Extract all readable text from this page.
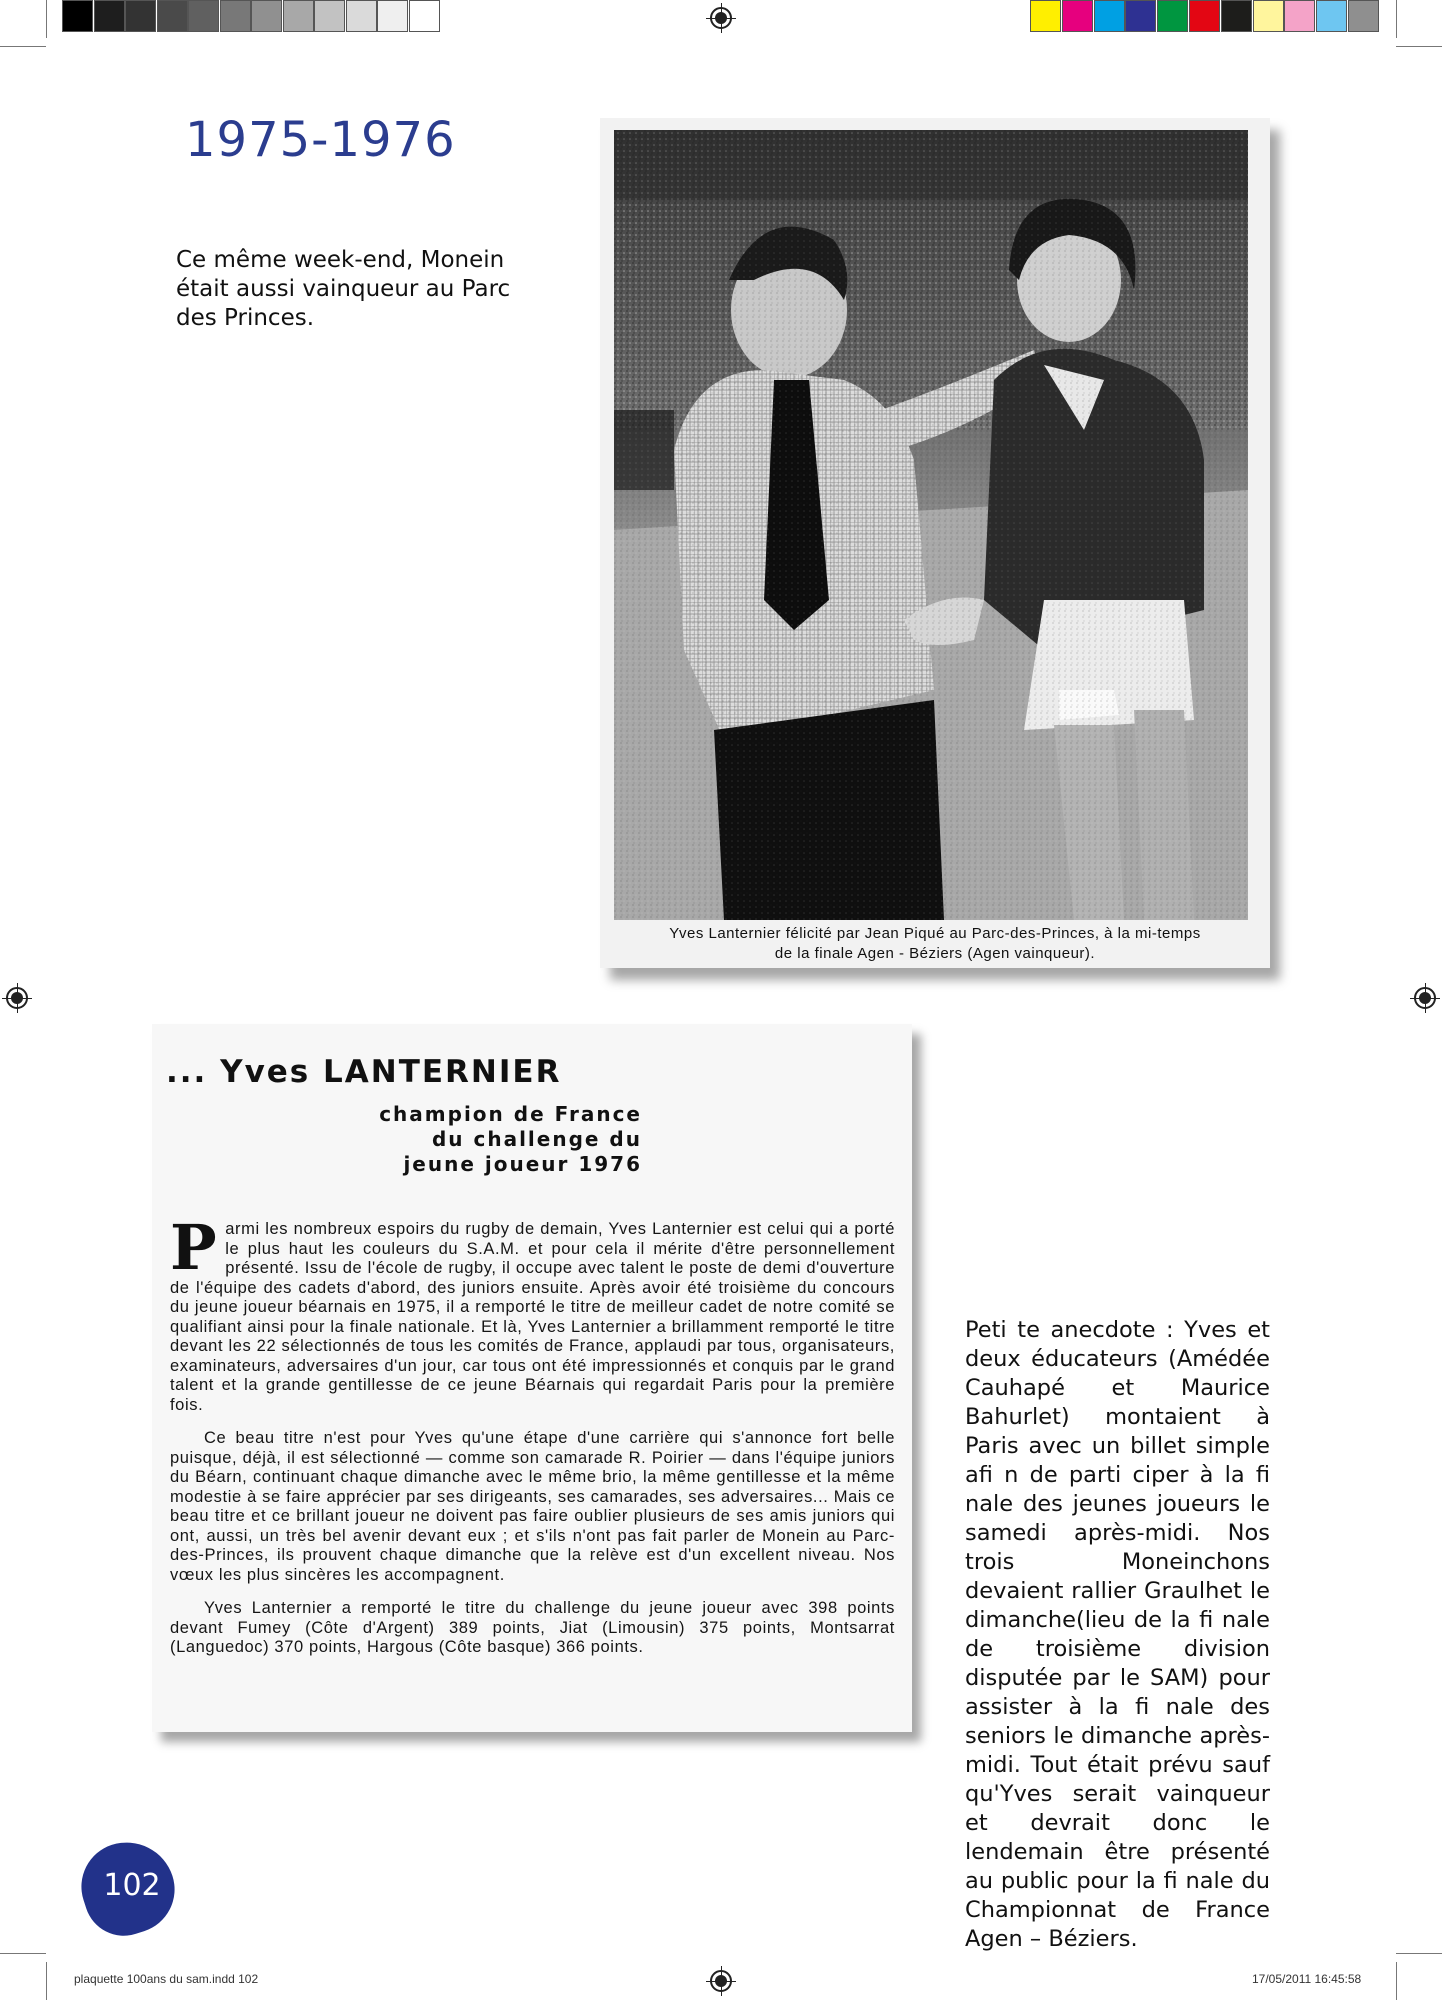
1975-1976
Ce même week-end, Monein était aussi vainqueur au Parc des Princes.
Yves Lanternier félicité par Jean Piqué au Parc-des-Princes, à la mi-temps
de la finale Agen - Béziers (Agen vainqueur).
... Yves LANTERNIER
champion de France
du challenge du
jeune joueur 1976

Parmi les nombreux espoirs du rugby de demain, Yves Lanternier est celui qui a porté le plus haut les couleurs du S.A.M. et pour cela il mérite d'être personnellement présenté. Issu de l'école de rugby, il occupe avec talent le poste de demi d'ouverture de l'équipe des cadets d'abord, des juniors ensuite. Après avoir été troisième du concours du jeune joueur béarnais en 1975, il a remporté le titre de meilleur cadet de notre comité se qualifiant ainsi pour la finale nationale. Et là, Yves Lanternier a brillamment remporté le titre devant les 22 sélectionnés de tous les comités de France, applaudi par tous, organisateurs, examinateurs, adversaires d'un jour, car tous ont été impressionnés et conquis par le grand talent et la grande gentillesse de ce jeune Béarnais qui regardait Paris pour la première fois.

Ce beau titre n'est pour Yves qu'une étape d'une carrière qui s'annonce fort belle puisque, déjà, il est sélectionné — comme son camarade R. Poirier — dans l'équipe juniors du Béarn, continuant chaque dimanche avec le même brio, la même gentillesse et la même modestie à se faire apprécier par ses dirigeants, ses camarades, ses adversaires... Mais ce beau titre et ce brillant joueur ne doivent pas faire oublier plusieurs de ses amis juniors qui ont, aussi, un très bel avenir devant eux ; et s'ils n'ont pas fait parler de Monein au Parc-des-Princes, ils prouvent chaque dimanche que la relève est d'un excellent niveau. Nos vœux les plus sincères les accompagnent.

Yves Lanternier a remporté le titre du challenge du jeune joueur avec 398 points devant Fumey (Côte d'Argent) 389 points, Jiat (Limousin) 375 points, Montsarrat (Languedoc) 370 points, Hargous (Côte basque) 366 points.

Peti te anecdote : Yves et deux éducateurs (Amédée Cauhapé et Maurice Bahurlet) montaient à Paris avec un billet simple afi n de parti ciper à la fi nale des jeunes joueurs le samedi après-midi. Nos trois Moneinchons devaient rallier Graulhet le dimanche(lieu de la fi nale de troisième division disputée par le SAM) pour assister à la fi nale des seniors le dimanche après-midi. Tout était prévu sauf qu'Yves serait vainqueur et devrait donc le lendemain être présenté au public pour la fi nale du Championnat de France Agen – Béziers.
102
plaquette 100ans du sam.indd 102	17/05/2011 16:45:58
